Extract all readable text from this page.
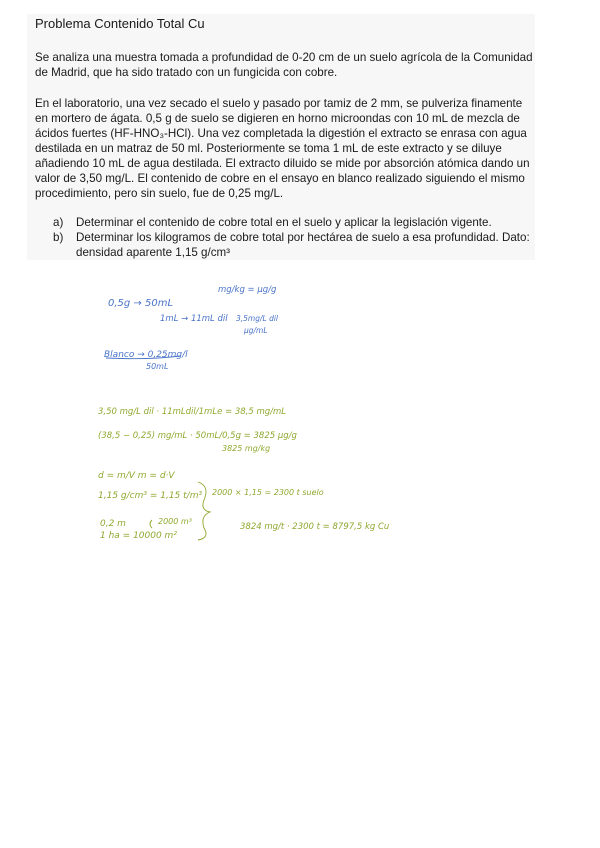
Problema Contenido Total Cu

Se analiza una muestra tomada a profundidad de 0-20 cm de un suelo agrícola de la Comunidad de Madrid, que ha sido tratado con un fungicida con cobre.

En el laboratorio, una vez secado el suelo y pasado por tamiz de 2 mm, se pulveriza finamente en mortero de ágata. 0,5 g de suelo se digieren en horno microondas con 10 mL de mezcla de ácidos fuertes (HF-HNO₃-HCl). Una vez completada la digestión el extracto se enrasa con agua destilada en un matraz de 50 ml. Posteriormente se toma 1 mL de este extracto y se diluye añadiendo 10 mL de agua destilada. El extracto diluido se mide por absorción atómica dando un valor de 3,50 mg/L. El contenido de cobre en el ensayo en blanco realizado siguiendo el mismo procedimiento, pero sin suelo, fue de 0,25 mg/L.

a)	Determinar el contenido de cobre total en el suelo y aplicar la legislación vigente.
b)	Determinar los kilogramos de cobre total por hectárea de suelo a esa profundidad. Dato: densidad aparente 1,15 g/cm³
mg/kg = µg/g
0,5g → 50mL
1mL → 11mL dil 3,5mg/L dil
µg/mL
Blanco → 0,25mg/l
50mL
3,50 mg/L dil · 11mLdil/1mLe = 38,5 mg/mL
(38,5 − 0,25) mg/mL · 50mL/0,5g = 3825 µg/g
3825 mg/kg
d = m/V m = d·V
1,15 g/cm³ = 1,15 t/m³
0,2 m
1 ha = 10000 m²
2000 m³
2000 × 1,15 = 2300 t suelo
3824 mg/t · 2300 t = 8797,5 kg Cu
